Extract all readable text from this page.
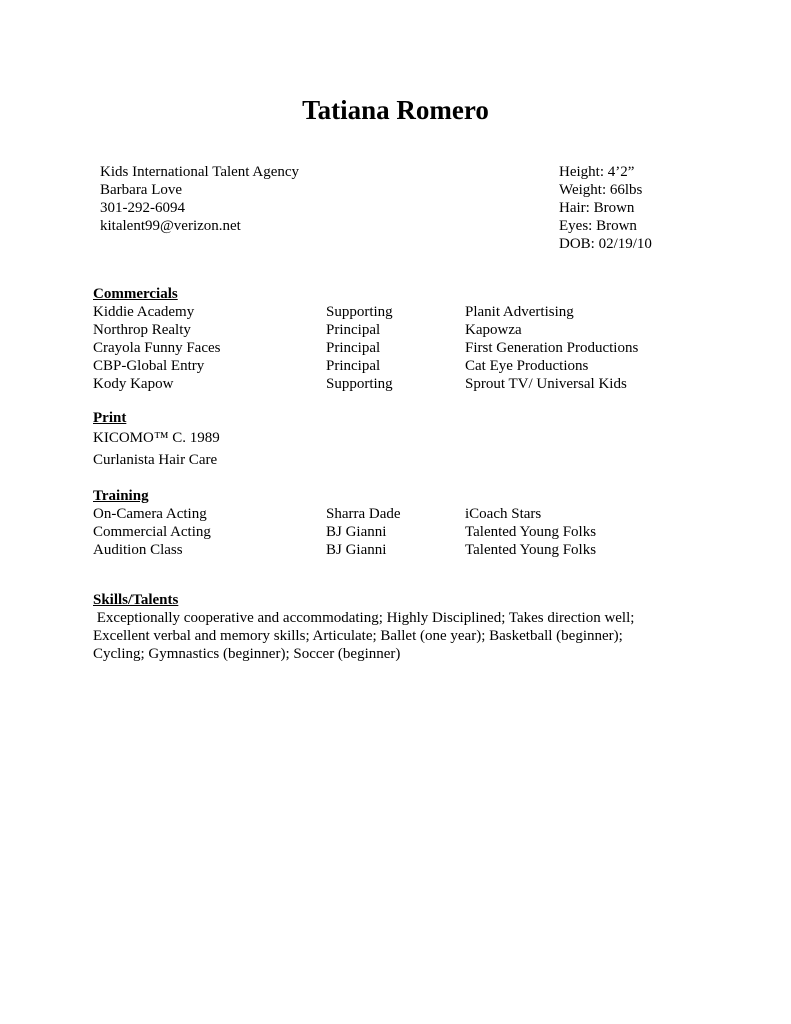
Tatiana Romero
Kids International Talent Agency
Barbara Love
301-292-6094
kitalent99@verizon.net
Height: 4’2”
Weight: 66lbs
Hair: Brown
Eyes: Brown
DOB: 02/19/10
Commercials
Kiddie Academy	Supporting	Planit Advertising
Northrop Realty	Principal	Kapowza
Crayola Funny Faces	Principal	First Generation Productions
CBP-Global Entry	Principal	Cat Eye Productions
Kody Kapow	Supporting	Sprout TV/ Universal Kids
Print
KICOMO™ C. 1989
Curlanista Hair Care
Training
On-Camera Acting	Sharra Dade	iCoach Stars
Commercial Acting	BJ Gianni	Talented Young Folks
Audition Class	BJ Gianni	Talented Young Folks
Skills/Talents
Exceptionally cooperative and accommodating; Highly Disciplined; Takes direction well; Excellent verbal and memory skills; Articulate; Ballet (one year); Basketball (beginner); Cycling; Gymnastics (beginner); Soccer (beginner)
